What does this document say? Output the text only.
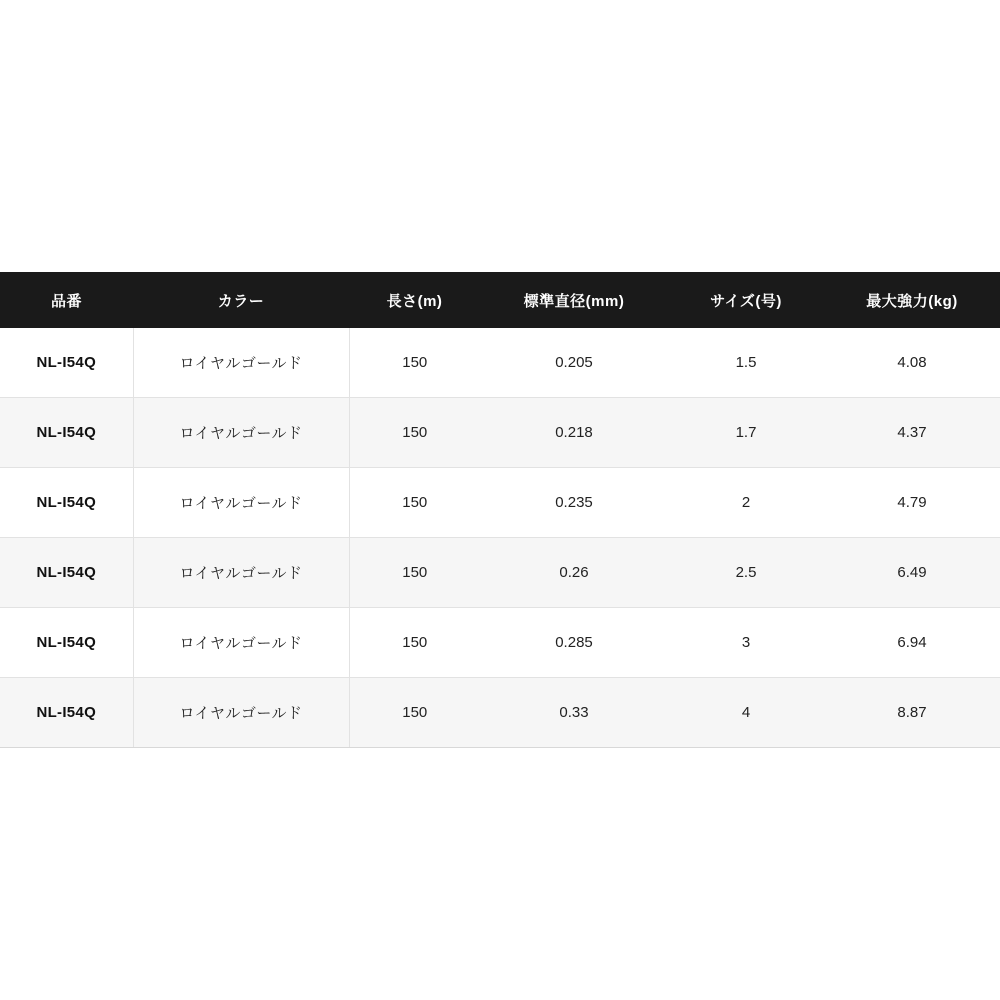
品番	カラー	長さ(m)	標準直径(mm)	サイズ(号)	最大強力(kg)
NL-I54Q	ロイヤルゴールド	150	0.205	1.5	4.08
NL-I54Q	ロイヤルゴールド	150	0.218	1.7	4.37
NL-I54Q	ロイヤルゴールド	150	0.235	2	4.79
NL-I54Q	ロイヤルゴールド	150	0.26	2.5	6.49
NL-I54Q	ロイヤルゴールド	150	0.285	3	6.94
NL-I54Q	ロイヤルゴールド	150	0.33	4	8.87
